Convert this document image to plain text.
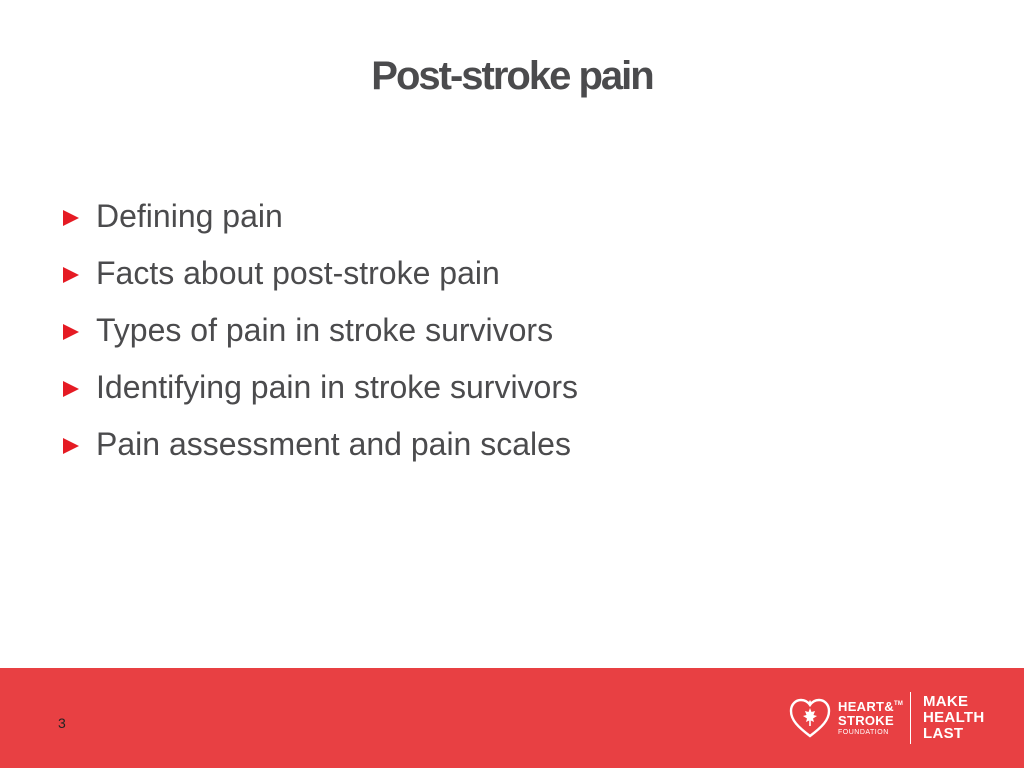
Post-stroke pain
Defining pain
Facts about post-stroke pain
Types of pain in stroke survivors
Identifying pain in stroke survivors
Pain assessment and pain scales
3
HEART&™
STROKE
FOUNDATION
MAKE
HEALTH
LAST
